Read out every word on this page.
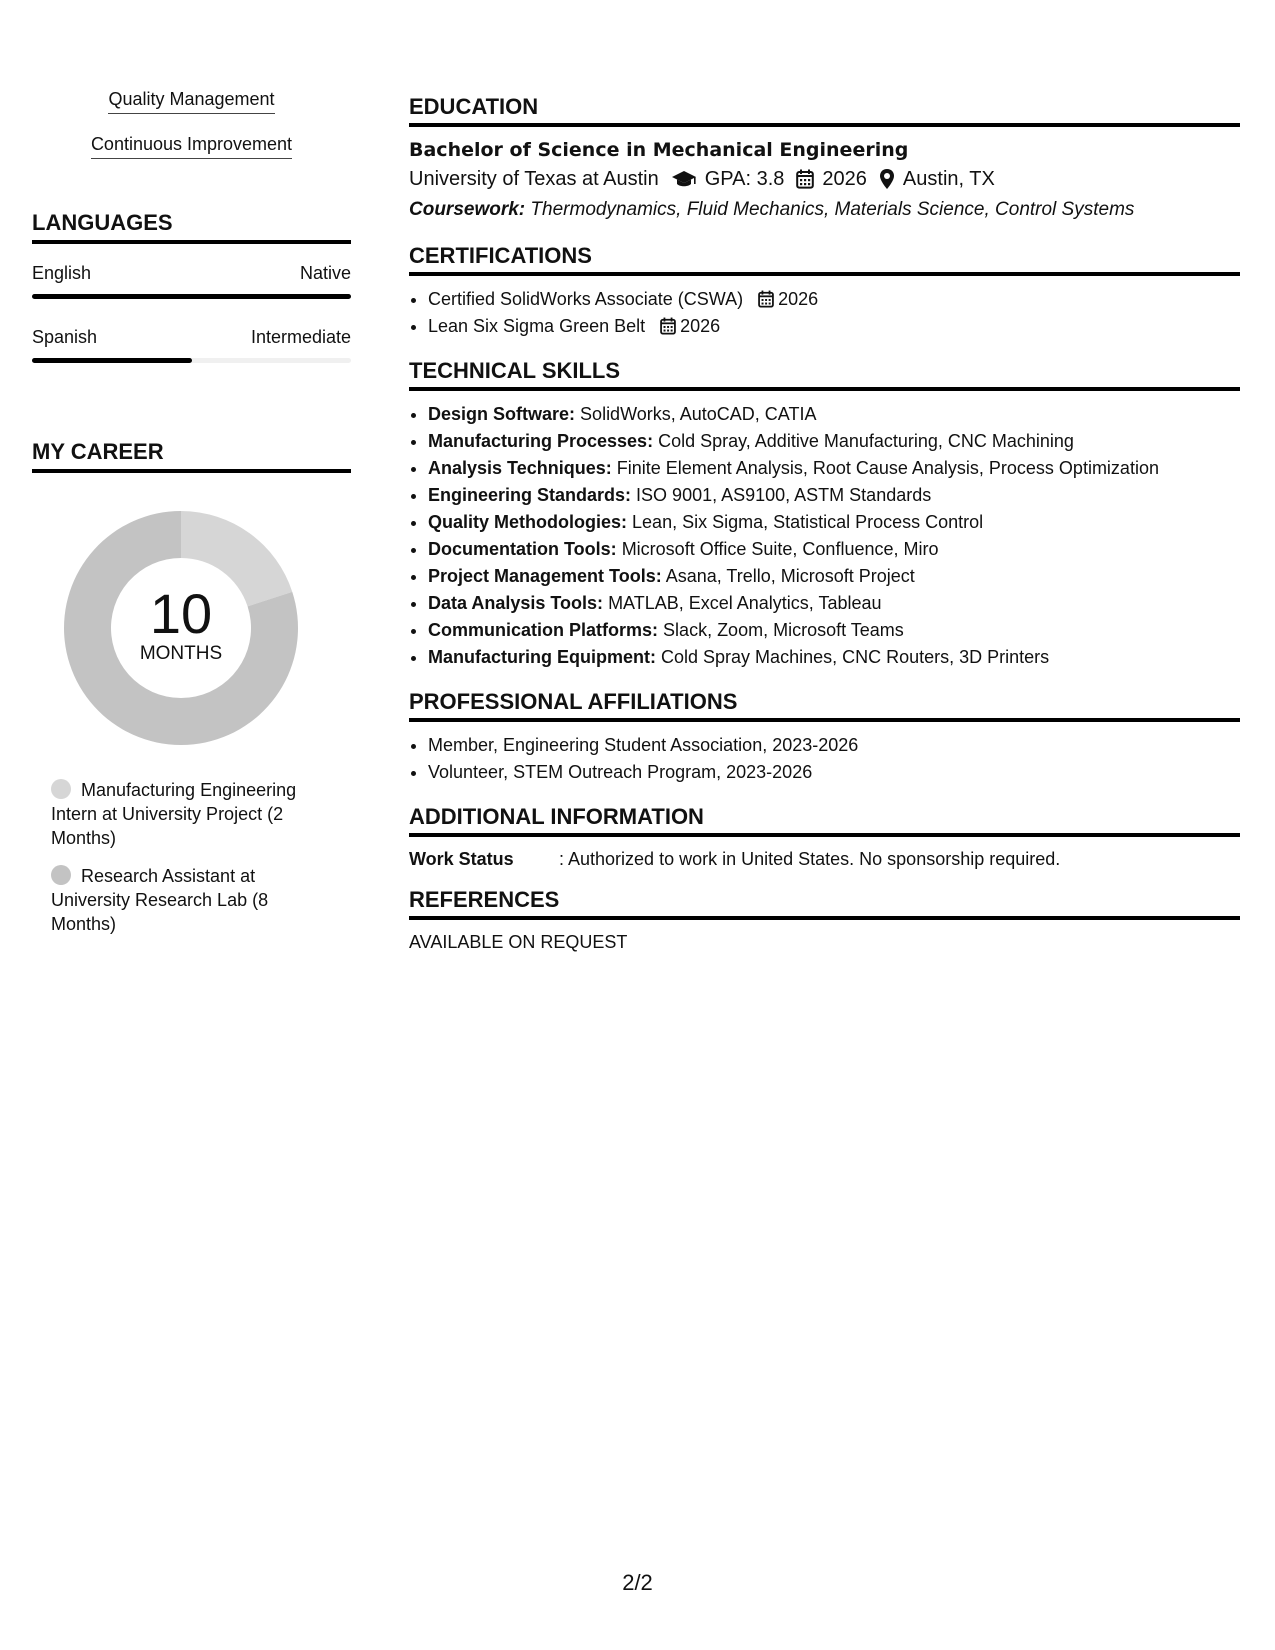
Quality Management
Continuous Improvement
LANGUAGES
English	Native
Spanish	Intermediate
MY CAREER
10
MONTHS
Manufacturing Engineering Intern at University Project (2 Months)
Research Assistant at University Research Lab (8 Months)
EDUCATION
Bachelor of Science in Mechanical Engineering
University of Texas at Austin GPA: 3.8 2026 Austin, TX
Coursework: Thermodynamics, Fluid Mechanics, Materials Science, Control Systems
CERTIFICATIONS
• Certified SolidWorks Associate (CSWA) 2026
• Lean Six Sigma Green Belt 2026
TECHNICAL SKILLS
• Design Software: SolidWorks, AutoCAD, CATIA
• Manufacturing Processes: Cold Spray, Additive Manufacturing, CNC Machining
• Analysis Techniques: Finite Element Analysis, Root Cause Analysis, Process Optimization
• Engineering Standards: ISO 9001, AS9100, ASTM Standards
• Quality Methodologies: Lean, Six Sigma, Statistical Process Control
• Documentation Tools: Microsoft Office Suite, Confluence, Miro
• Project Management Tools: Asana, Trello, Microsoft Project
• Data Analysis Tools: MATLAB, Excel Analytics, Tableau
• Communication Platforms: Slack, Zoom, Microsoft Teams
• Manufacturing Equipment: Cold Spray Machines, CNC Routers, 3D Printers
PROFESSIONAL AFFILIATIONS
• Member, Engineering Student Association, 2023-2026
• Volunteer, STEM Outreach Program, 2023-2026
ADDITIONAL INFORMATION
Work Status	: Authorized to work in United States. No sponsorship required.
REFERENCES
AVAILABLE ON REQUEST
2/2
